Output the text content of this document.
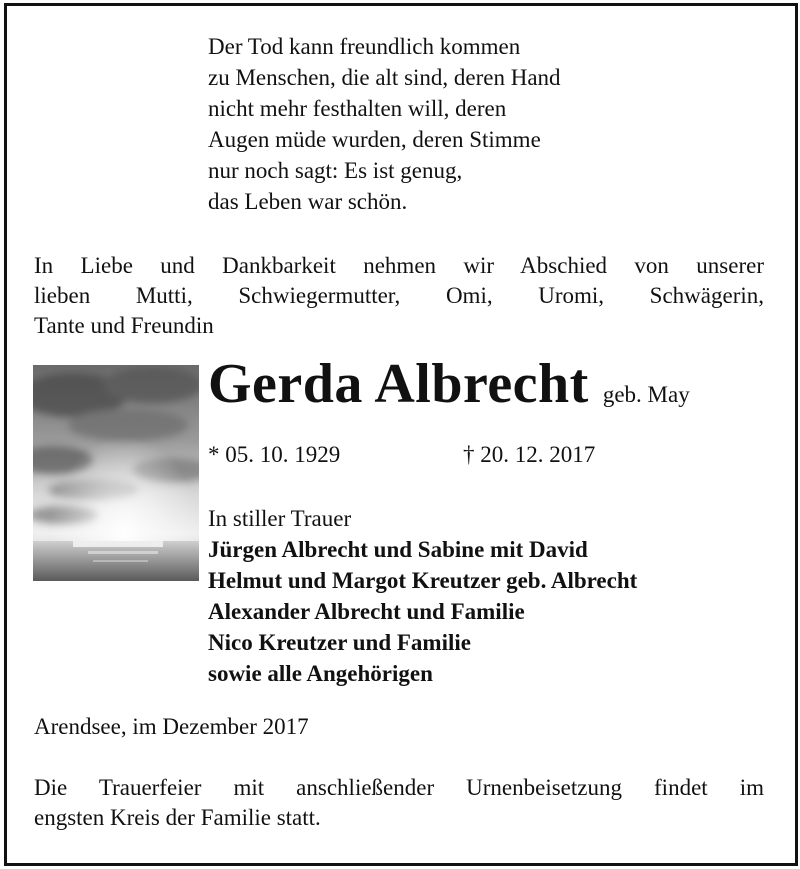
Der Tod kann freundlich kommen
zu Menschen, die alt sind, deren Hand
nicht mehr festhalten will, deren
Augen müde wurden, deren Stimme
nur noch sagt: Es ist genug,
das Leben war schön.
In Liebe und Dankbarkeit nehmen wir Abschied von unserer
lieben Mutti, Schwiegermutter, Omi, Uromi, Schwägerin,
Tante und Freundin
Gerda Albrecht geb. May
* 05. 10. 1929	† 20. 12. 2017
In stiller Trauer
Jürgen Albrecht und Sabine mit David
Helmut und Margot Kreutzer geb. Albrecht
Alexander Albrecht und Familie
Nico Kreutzer und Familie
sowie alle Angehörigen
Arendsee, im Dezember 2017
Die Trauerfeier mit anschließender Urnenbeisetzung findet im
engsten Kreis der Familie statt.
